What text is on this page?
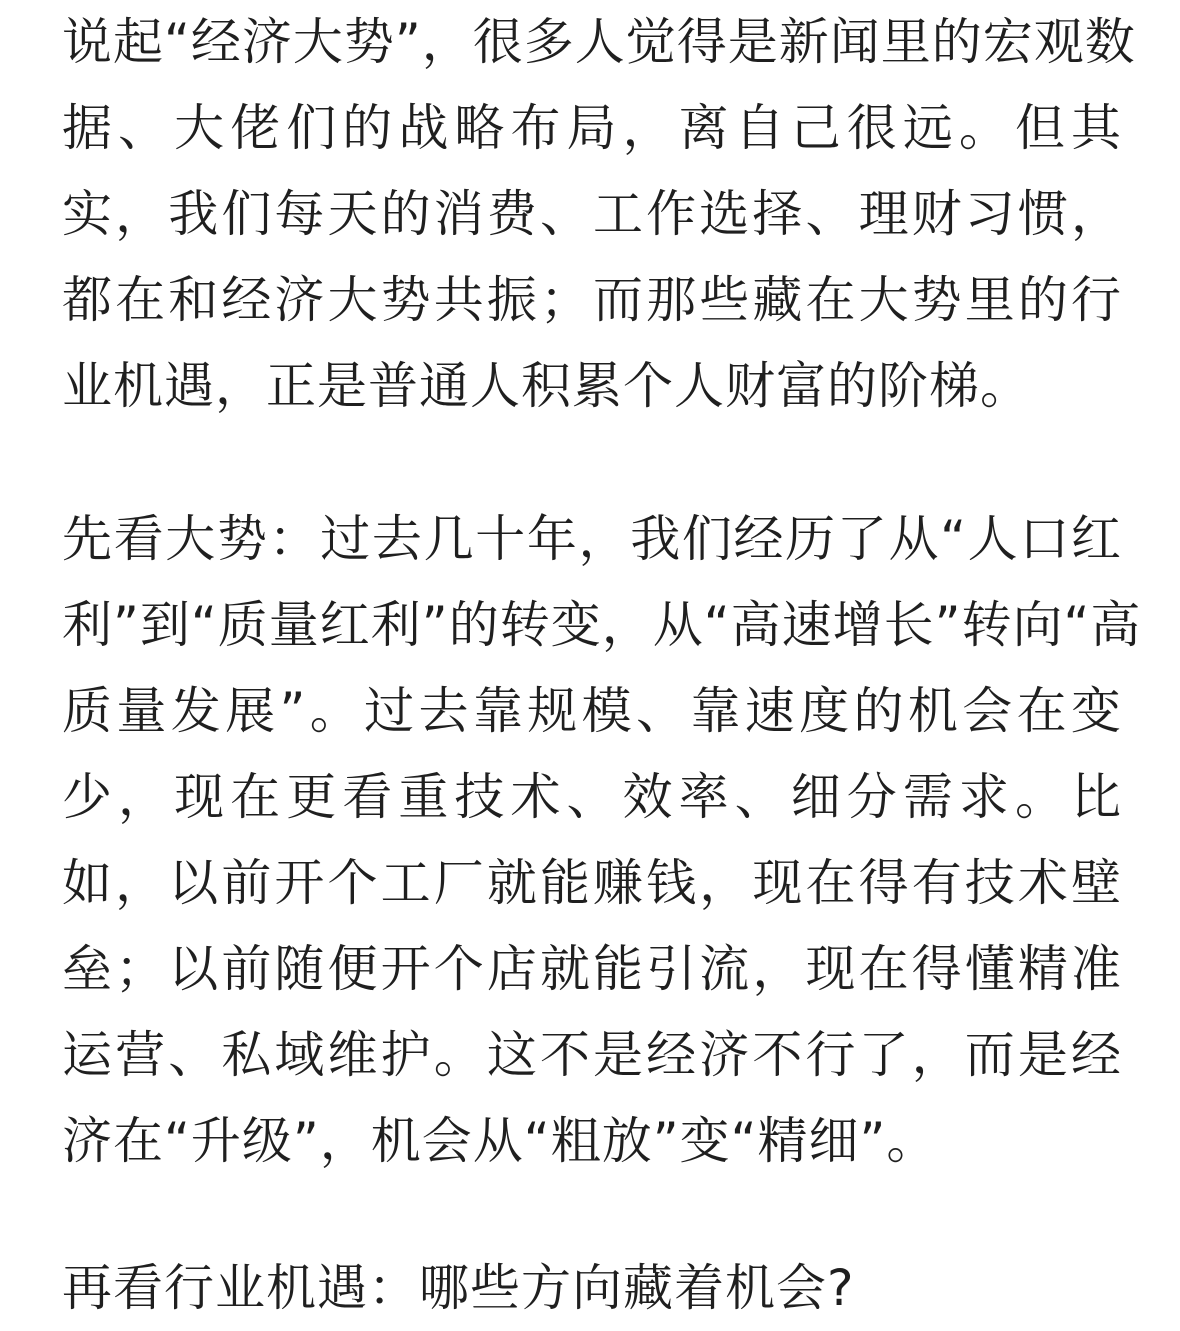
说起“经济大势”，很多人觉得是新闻里的宏观数
据、大佬们的战略布局，离自己很远。但其
实，我们每天的消费、工作选择、理财习惯，
都在和经济大势共振；而那些藏在大势里的行
业机遇，正是普通人积累个人财富的阶梯。

先看大势：过去几十年，我们经历了从“人口红
利”到“质量红利”的转变，从“高速增长”转向“高
质量发展”。过去靠规模、靠速度的机会在变
少，现在更看重技术、效率、细分需求。比
如，以前开个工厂就能赚钱，现在得有技术壁
垒；以前随便开个店就能引流，现在得懂精准
运营、私域维护。这不是经济不行了，而是经
济在“升级”，机会从“粗放”变“精细”。

再看行业机遇：哪些方向藏着机会?
